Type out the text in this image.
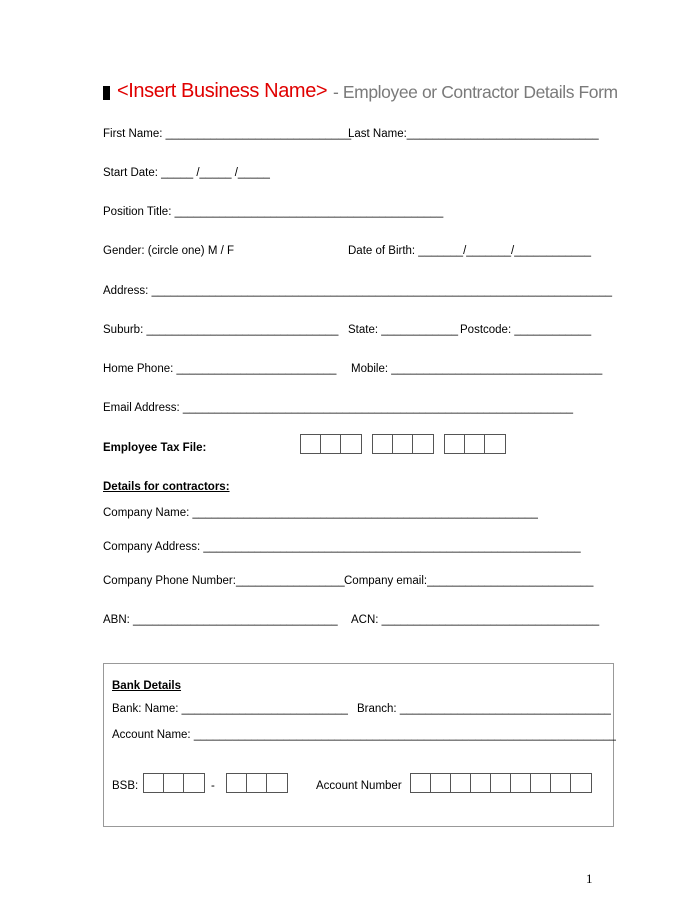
<Insert Business Name> - Employee or Contractor Details Form
First Name: _____________________________
Last Name:______________________________
Start Date: _____ /_____ /_____
Position Title: __________________________________________
Gender: (circle one) M / F	Date of Birth: _______/_______/____________
Address: ________________________________________________________________________
Suburb: ______________________________ State: ____________ Postcode: ____________
Home Phone: _________________________ Mobile: _________________________________
Email Address: _____________________________________________________________
Employee Tax File:
Details for contractors:
Company Name: ______________________________________________________
Company Address: ___________________________________________________________
Company Phone Number:_________________ Company email:__________________________
ABN: ________________________________ ACN: __________________________________
Bank Details
Bank: Name: __________________________ Branch: _________________________________
Account Name: __________________________________________________________________
BSB:	-	Account Number
1
